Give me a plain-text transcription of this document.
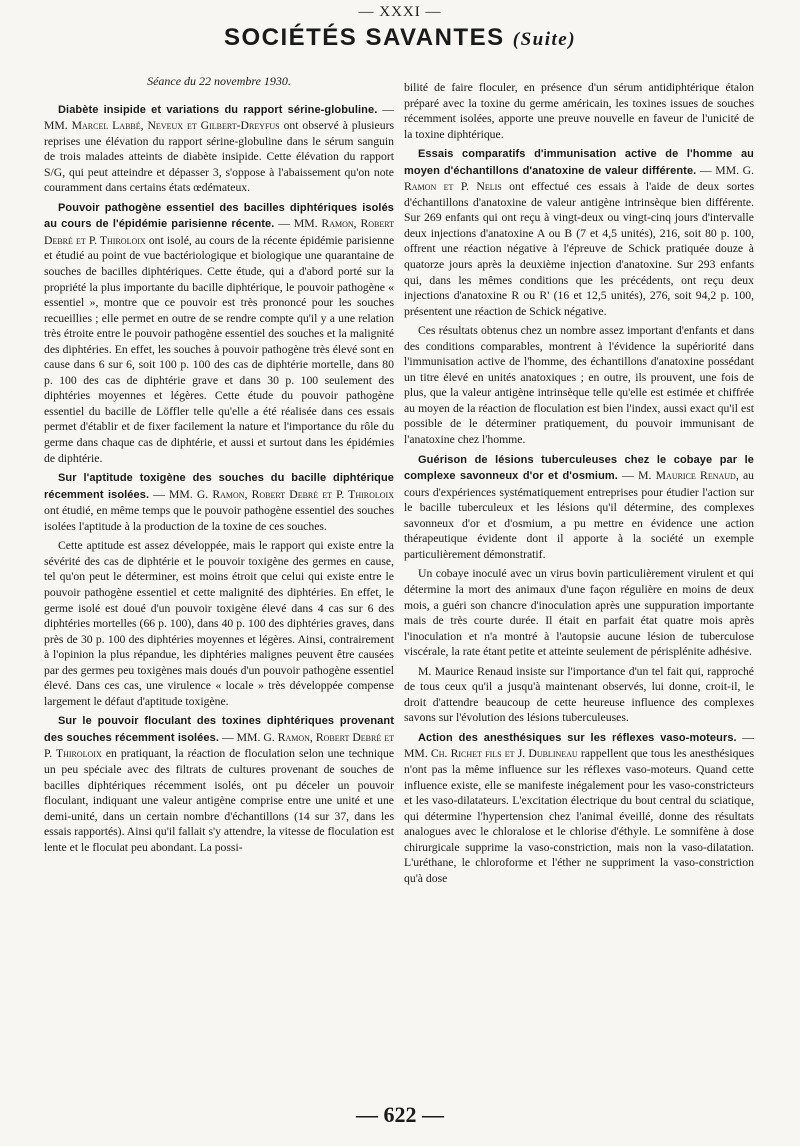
— XXXI —
SOCIÉTÉS SAVANTES (Suite)
Séance du 22 novembre 1930.

Diabète insipide et variations du rapport sérine-globuline. — MM. Marcel Labbé, Neveux et Gilbert-Dreyfus ont observé à plusieurs reprises une élévation du rapport sérine-globuline dans le sérum sanguin de trois malades atteints de diabète insipide. Cette élévation du rapport S/G, qui peut atteindre et dépasser 3, s'oppose à l'abaissement qu'on note couramment dans certains états œdémateux.

Pouvoir pathogène essentiel des bacilles diphtériques isolés au cours de l'épidémie parisienne récente. — MM. Ramon, Robert Debré et P. Thiroloix ont isolé, au cours de la récente épidémie parisienne et étudié au point de vue bactériologique et biologique une quarantaine de souches de bacilles diphtériques. Cette étude, qui a d'abord porté sur la propriété la plus importante du bacille diphtérique, le pouvoir pathogène « essentiel », montre que ce pouvoir est très prononcé pour les souches recueillies ; elle permet en outre de se rendre compte qu'il y a une relation très étroite entre le pouvoir pathogène essentiel des souches et la malignité des diphtéries. En effet, les souches à pouvoir pathogène très élevé sont en cause dans 6 sur 6, soit 100 p. 100 des cas de diphtérie mortelle, dans 80 p. 100 des cas de diphtérie grave et dans 30 p. 100 seulement des diphtéries moyennes et légères. Cette étude du pouvoir pathogène essentiel du bacille de Löffler telle qu'elle a été réalisée dans ces essais permet d'établir et de fixer facilement la nature et l'importance du rôle du germe dans chaque cas de diphtérie, et aussi et surtout dans les épidémies de diphtérie.

Sur l'aptitude toxigène des souches du bacille diphtérique récemment isolées. — MM. G. Ramon, Robert Debré et P. Thiroloix ont étudié, en même temps que le pouvoir pathogène essentiel des souches isolées l'aptitude à la production de la toxine de ces souches.

Cette aptitude est assez développée, mais le rapport qui existe entre la sévérité des cas de diphtérie et le pouvoir toxigène des germes en cause, tel qu'on peut le déterminer, est moins étroit que celui qui existe entre le pouvoir pathogène essentiel et cette malignité des diphtéries. En effet, le germe isolé est doué d'un pouvoir toxigène élevé dans 4 cas sur 6 des diphtéries mortelles (66 p. 100), dans 40 p. 100 des diphtéries graves, dans près de 30 p. 100 des diphtéries moyennes et légères. Ainsi, contrairement à l'opinion la plus répandue, les diphtéries malignes peuvent être causées par des germes peu toxigènes mais doués d'un pouvoir pathogène essentiel élevé. Dans ces cas, une virulence « locale » très développée compense largement le défaut d'aptitude toxigène.

Sur le pouvoir floculant des toxines diphtériques provenant des souches récemment isolées. — MM. G. Ramon, Robert Debré et P. Thiroloix en pratiquant, la réaction de floculation selon une technique un peu spéciale avec des filtrats de cultures provenant de souches de bacilles diphtériques récemment isolés, ont pu déceler un pouvoir floculant, indiquant une valeur antigène comprise entre une unité et une demi-unité, dans un certain nombre d'échantillons (14 sur 37, dans les essais rapportés). Ainsi qu'il fallait s'y attendre, la vitesse de floculation est lente et le floculat peu abondant. La possi-

bilité de faire floculer, en présence d'un sérum antidiphtérique étalon préparé avec la toxine du germe américain, les toxines issues de souches récemment isolées, apporte une preuve nouvelle en faveur de l'unicité de la toxine diphtérique.

Essais comparatifs d'immunisation active de l'homme au moyen d'échantillons d'anatoxine de valeur différente. — MM. G. Ramon et P. Nelis ont effectué ces essais à l'aide de deux sortes d'échantillons d'anatoxine de valeur antigène intrinsèque bien différente. Sur 269 enfants qui ont reçu à vingt-deux ou vingt-cinq jours d'intervalle deux injections d'anatoxine A ou B (7 et 4,5 unités), 216, soit 80 p. 100, offrent une réaction négative à l'épreuve de Schick pratiquée douze à quatorze jours après la deuxième injection d'anatoxine. Sur 293 enfants qui, dans les mêmes conditions que les précédents, ont reçu deux injections d'anatoxine R ou R' (16 et 12,5 unités), 276, soit 94,2 p. 100, présentent une réaction de Schick négative.

Ces résultats obtenus chez un nombre assez important d'enfants et dans des conditions comparables, montrent à l'évidence la supériorité dans l'immunisation active de l'homme, des échantillons d'anatoxine possédant un titre élevé en unités anatoxiques ; en outre, ils prouvent, une fois de plus, que la valeur antigène intrinsèque telle qu'elle est estimée et chiffrée au moyen de la réaction de floculation est bien l'index, aussi exact qu'il est possible de le déterminer pratiquement, du pouvoir immunisant de l'anatoxine chez l'homme.

Guérison de lésions tuberculeuses chez le cobaye par le complexe savonneux d'or et d'osmium. — M. Maurice Renaud, au cours d'expériences systématiquement entreprises pour étudier l'action sur le bacille tuberculeux et les lésions qu'il détermine, des complexes savonneux d'or et d'osmium, a pu mettre en évidence une action thérapeutique évidente dont il apporte à la société un exemple particulièrement démonstratif.

Un cobaye inoculé avec un virus bovin particulièrement virulent et qui détermine la mort des animaux d'une façon régulière en moins de deux mois, a guéri son chancre d'inoculation après une suppuration importante mais de très courte durée. Il était en parfait état quatre mois après l'inoculation et n'a montré à l'autopsie aucune lésion de tuberculose viscérale, la rate étant petite et atteinte seulement de périsplénite adhésive.

M. Maurice Renaud insiste sur l'importance d'un tel fait qui, rapproché de tous ceux qu'il a jusqu'à maintenant observés, lui donne, croit-il, le droit d'attendre beaucoup de cette heureuse influence des complexes savons sur l'évolution des lésions tuberculeuses.

Action des anesthésiques sur les réflexes vaso-moteurs. — MM. Ch. Richet fils et J. Dublineau rappellent que tous les anesthésiques n'ont pas la même influence sur les réflexes vaso-moteurs. Quand cette influence existe, elle se manifeste inégalement pour les vaso-constricteurs et les vaso-dilatateurs. L'excitation électrique du bout central du sciatique, qui détermine l'hypertension chez l'animal éveillé, donne des résultats analogues avec le chloralose et le chlorise d'éthyle. Le somnifène à dose chirurgicale supprime la vaso-constriction, mais non la vaso-dilatation. L'uréthane, le chloroforme et l'éther ne suppriment la vaso-constriction qu'à dose

— 622 —
